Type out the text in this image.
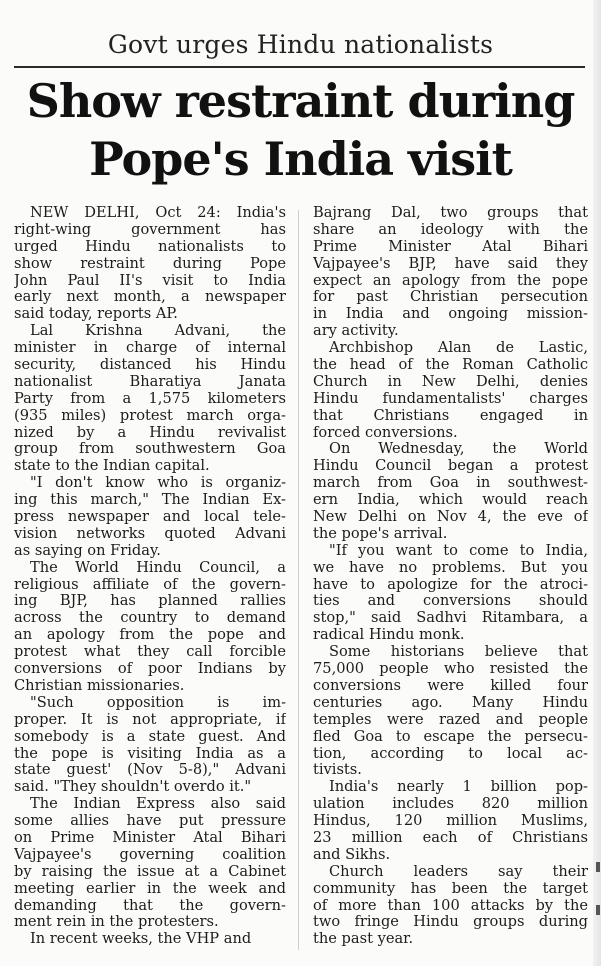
Govt urges Hindu nationalists
Show restraint during
Pope's India visit
NEW DELHI, Oct 24: India's
right-wing government has
urged Hindu nationalists to
show restraint during Pope
John Paul II's visit to India
early next month, a newspaper
said today, reports AP.
Lal Krishna Advani, the
minister in charge of internal
security, distanced his Hindu
nationalist Bharatiya Janata
Party from a 1,575 kilometers
(935 miles) protest march orga-
nized by a Hindu revivalist
group from southwestern Goa
state to the Indian capital.
"I don't know who is organiz-
ing this march," The Indian Ex-
press newspaper and local tele-
vision networks quoted Advani
as saying on Friday.
The World Hindu Council, a
religious affiliate of the govern-
ing BJP, has planned rallies
across the country to demand
an apology from the pope and
protest what they call forcible
conversions of poor Indians by
Christian missionaries.
"Such opposition is im-
proper. It is not appropriate, if
somebody is a state guest. And
the pope is visiting India as a
state guest' (Nov 5-8)," Advani
said. "They shouldn't overdo it."
The Indian Express also said
some allies have put pressure
on Prime Minister Atal Bihari
Vajpayee's governing coalition
by raising the issue at a Cabinet
meeting earlier in the week and
demanding that the govern-
ment rein in the protesters.
In recent weeks, the VHP and
Bajrang Dal, two groups that
share an ideology with the
Prime Minister Atal Bihari
Vajpayee's BJP, have said they
expect an apology from the pope
for past Christian persecution
in India and ongoing mission-
ary activity.
Archbishop Alan de Lastic,
the head of the Roman Catholic
Church in New Delhi, denies
Hindu fundamentalists' charges
that Christians engaged in
forced conversions.
On Wednesday, the World
Hindu Council began a protest
march from Goa in southwest-
ern India, which would reach
New Delhi on Nov 4, the eve of
the pope's arrival.
"If you want to come to India,
we have no problems. But you
have to apologize for the atroci-
ties and conversions should
stop," said Sadhvi Ritambara, a
radical Hindu monk.
Some historians believe that
75,000 people who resisted the
conversions were killed four
centuries ago. Many Hindu
temples were razed and people
fled Goa to escape the persecu-
tion, according to local ac-
tivists.
India's nearly 1 billion pop-
ulation includes 820 million
Hindus, 120 million Muslims,
23 million each of Christians
and Sikhs.
Church leaders say their
community has been the target
of more than 100 attacks by the
two fringe Hindu groups during
the past year.
